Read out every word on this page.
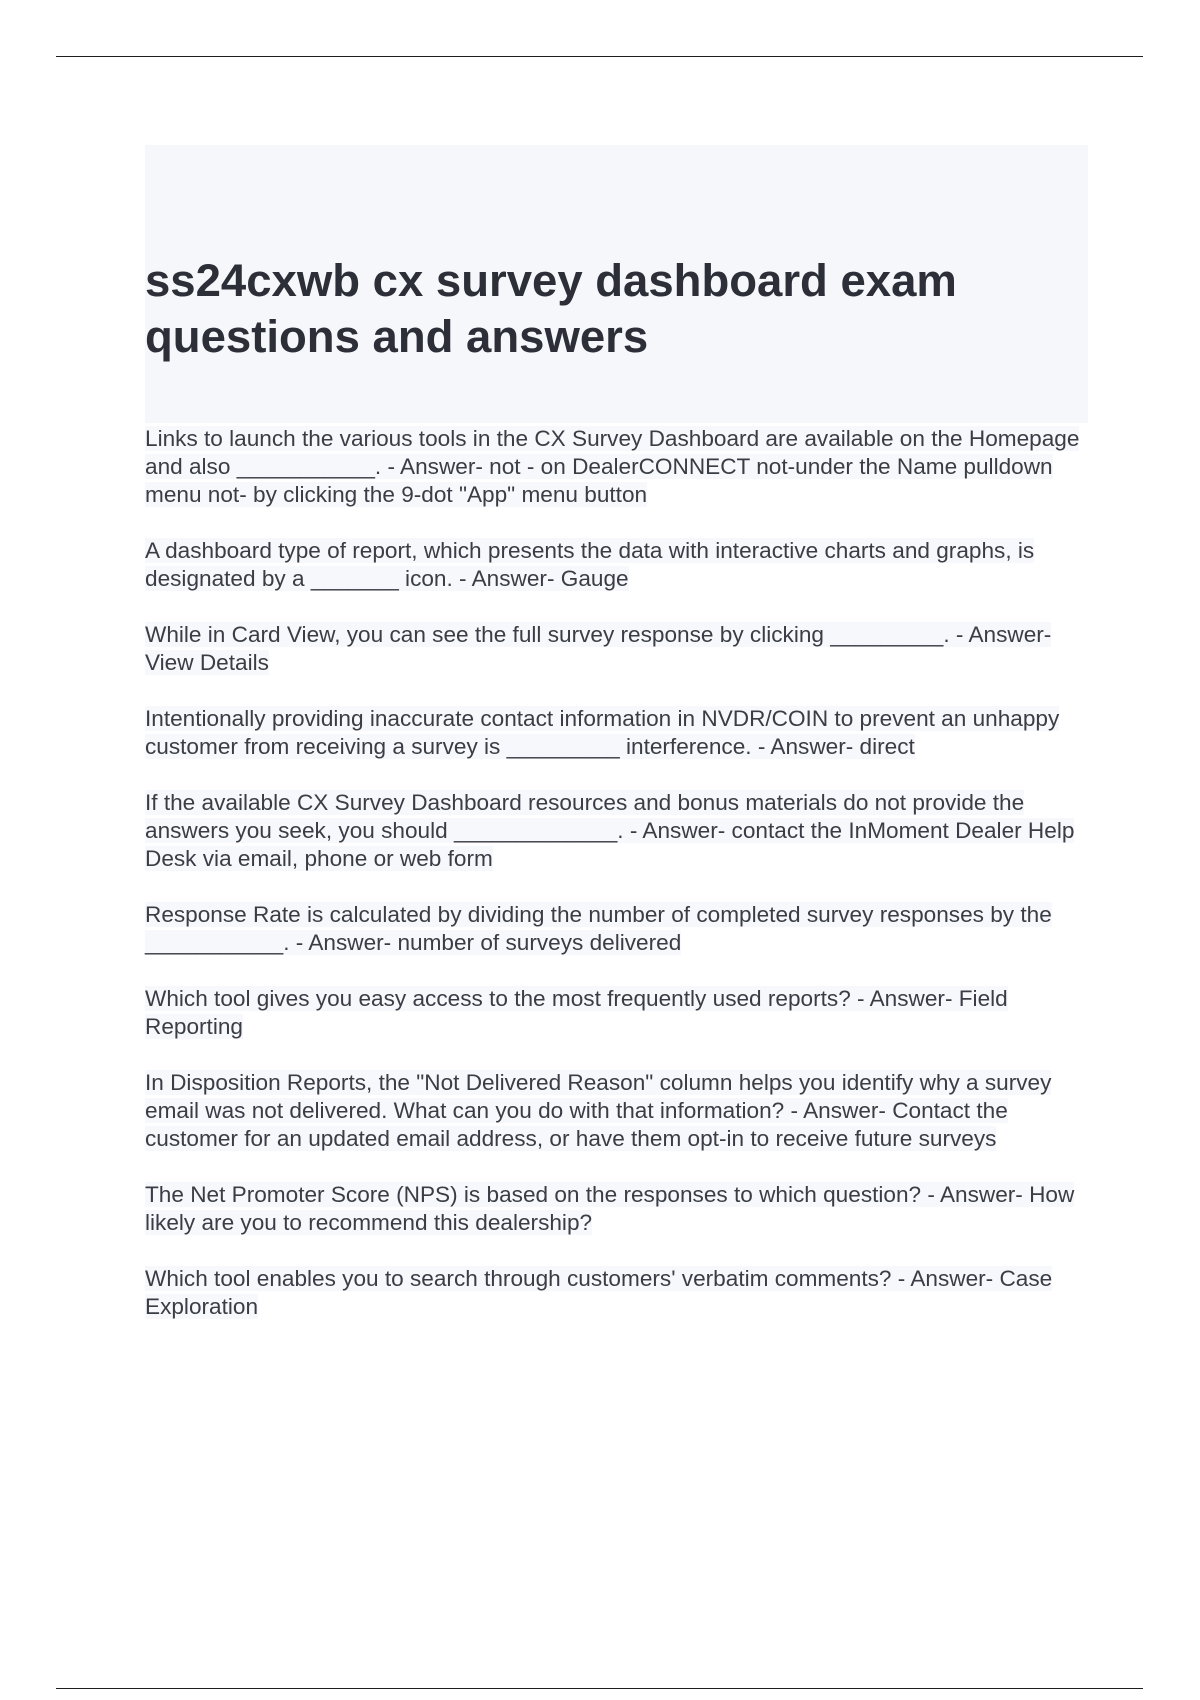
ss24cxwb cx survey dashboard exam questions and answers

Links to launch the various tools in the CX Survey Dashboard are available on the Homepage and also ___________. - Answer- not - on DealerCONNECT not-under the Name pulldown menu not- by clicking the 9-dot "App" menu button

A dashboard type of report, which presents the data with interactive charts and graphs, is designated by a _______ icon. - Answer- Gauge

While in Card View, you can see the full survey response by clicking _________. - Answer- View Details

Intentionally providing inaccurate contact information in NVDR/COIN to prevent an unhappy customer from receiving a survey is _________ interference. - Answer- direct

If the available CX Survey Dashboard resources and bonus materials do not provide the answers you seek, you should _____________. - Answer- contact the InMoment Dealer Help Desk via email, phone or web form

Response Rate is calculated by dividing the number of completed survey responses by the ___________. - Answer- number of surveys delivered

Which tool gives you easy access to the most frequently used reports? - Answer- Field Reporting

In Disposition Reports, the "Not Delivered Reason" column helps you identify why a survey email was not delivered. What can you do with that information? - Answer- Contact the customer for an updated email address, or have them opt-in to receive future surveys

The Net Promoter Score (NPS) is based on the responses to which question? - Answer- How likely are you to recommend this dealership?

Which tool enables you to search through customers' verbatim comments? - Answer- Case Exploration
